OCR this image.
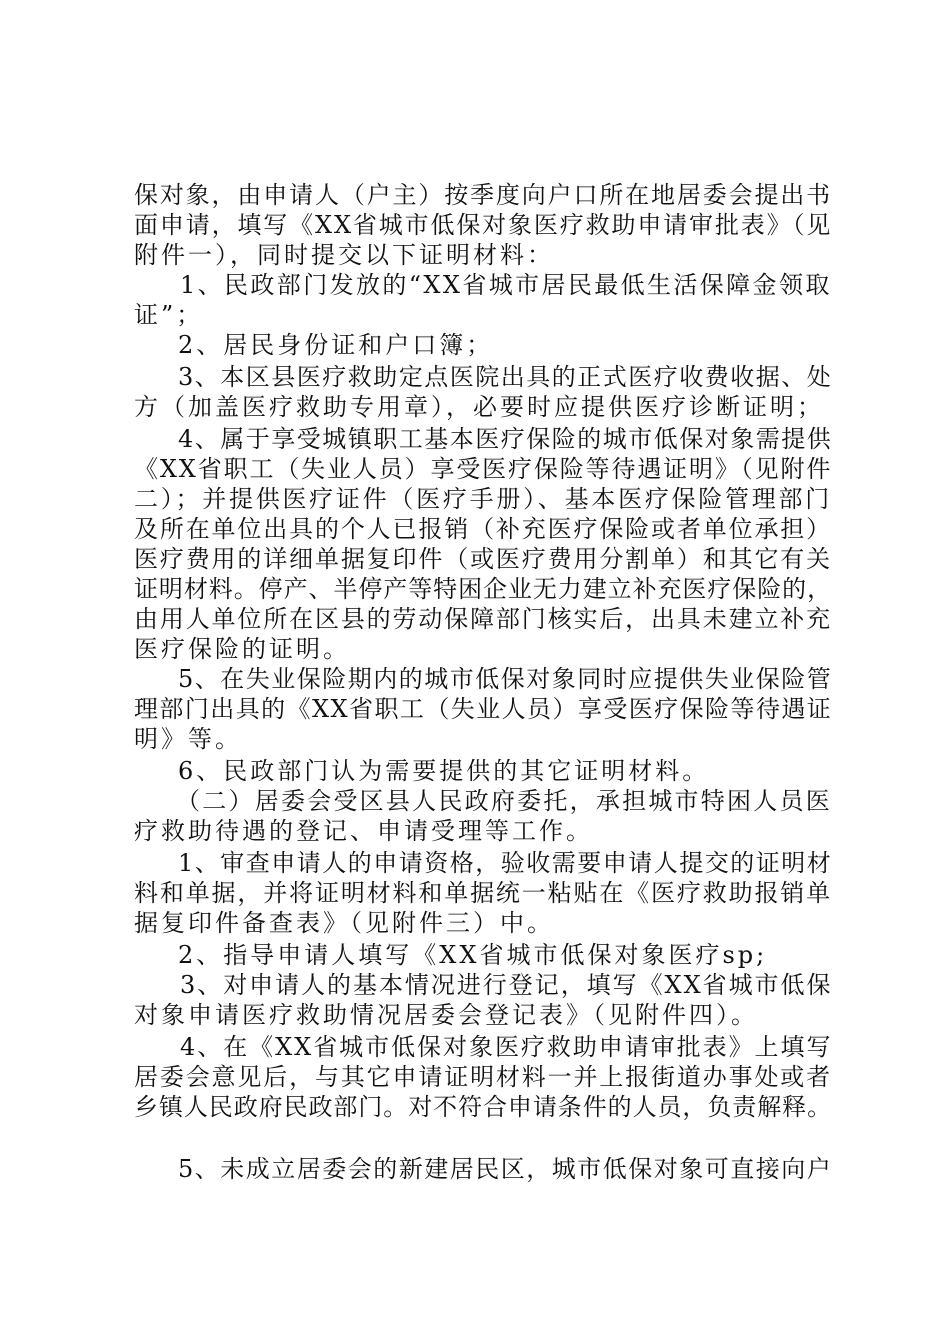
保对象，由申请人（户主）按季度向户口所在地居委会提出书
面申请，填写《XX省城市低保对象医疗救助申请审批表》（见
附件一），同时提交以下证明材料：
1、民政部门发放的“XX省城市居民最低生活保障金领取
证”；
2、居民身份证和户口簿；
3、本区县医疗救助定点医院出具的正式医疗收费收据、处
方（加盖医疗救助专用章），必要时应提供医疗诊断证明；
4、属于享受城镇职工基本医疗保险的城市低保对象需提供
《XX省职工（失业人员）享受医疗保险等待遇证明》（见附件
二）；并提供医疗证件（医疗手册）、基本医疗保险管理部门
及所在单位出具的个人已报销（补充医疗保险或者单位承担）
医疗费用的详细单据复印件（或医疗费用分割单）和其它有关
证明材料。停产、半停产等特困企业无力建立补充医疗保险的，
由用人单位所在区县的劳动保障部门核实后，出具未建立补充
医疗保险的证明。
5、在失业保险期内的城市低保对象同时应提供失业保险管
理部门出具的《XX省职工（失业人员）享受医疗保险等待遇证
明》等。
6、民政部门认为需要提供的其它证明材料。
（二）居委会受区县人民政府委托，承担城市特困人员医
疗救助待遇的登记、申请受理等工作。
1、审查申请人的申请资格，验收需要申请人提交的证明材
料和单据，并将证明材料和单据统一粘贴在《医疗救助报销单
据复印件备查表》（见附件三）中。
2、指导申请人填写《XX省城市低保对象医疗sp;
3、对申请人的基本情况进行登记，填写《XX省城市低保
对象申请医疗救助情况居委会登记表》（见附件四）。
4、在《XX省城市低保对象医疗救助申请审批表》上填写
居委会意见后，与其它申请证明材料一并上报街道办事处或者
乡镇人民政府民政部门。对不符合申请条件的人员，负责解释。
5、未成立居委会的新建居民区，城市低保对象可直接向户
